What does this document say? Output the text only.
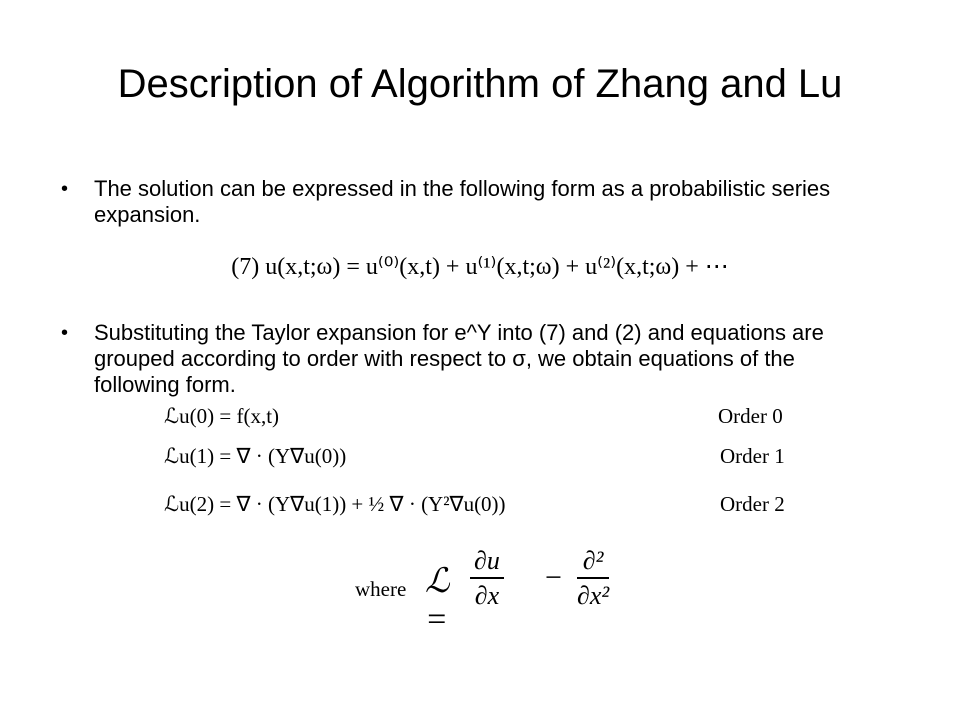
Description of Algorithm of Zhang and Lu
• The solution can be expressed in the following form as a probabilistic series expansion.
(7) u(x,t;ω) = u⁽⁰⁾(x,t) + u⁽¹⁾(x,t;ω) + u⁽²⁾(x,t;ω) + ⋯
• Substituting the Taylor expansion for e^Y into (7) and (2) and equations are grouped according to order with respect to σ, we obtain equations of the following form.
ℒu(0) = f(x,t)	Order 0
ℒu(1) = ∇ · (Y∇u(0))	Order 1
ℒu(2) = ∇ · (Y∇u(1)) + ½ ∇ · (Y²∇u(0))	Order 2
where ℒ =
$\frac{\partial u}{\partial x}$ −
∂²
∂x²
